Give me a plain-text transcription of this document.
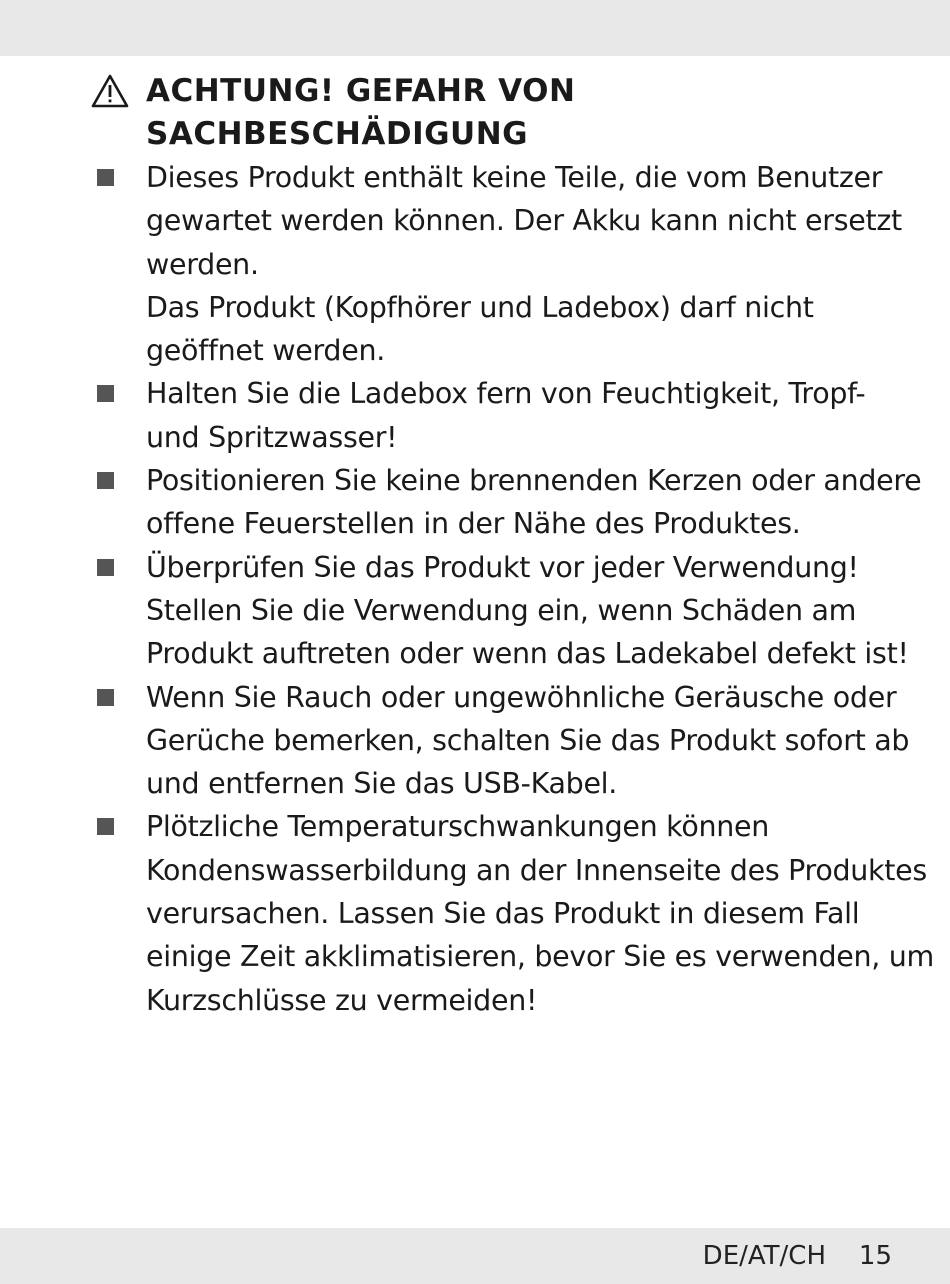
ACHTUNG! GEFAHR VON
SACHBESCHÄDIGUNG
Dieses Produkt enthält keine Teile, die vom Benutzer
gewartet werden können. Der Akku kann nicht ersetzt
werden.
Das Produkt (Kopfhörer und Ladebox) darf nicht
geöffnet werden.
Halten Sie die Ladebox fern von Feuchtigkeit, Tropf-
und Spritzwasser!
Positionieren Sie keine brennenden Kerzen oder andere
offene Feuerstellen in der Nähe des Produktes.
Überprüfen Sie das Produkt vor jeder Verwendung!
Stellen Sie die Verwendung ein, wenn Schäden am
Produkt auftreten oder wenn das Ladekabel defekt ist!
Wenn Sie Rauch oder ungewöhnliche Geräusche oder
Gerüche bemerken, schalten Sie das Produkt sofort ab
und entfernen Sie das USB-Kabel.
Plötzliche Temperaturschwankungen können
Kondenswasserbildung an der Innenseite des Produktes
verursachen. Lassen Sie das Produkt in diesem Fall
einige Zeit akklimatisieren, bevor Sie es verwenden, um
Kurzschlüsse zu vermeiden!
DE/AT/CH 15
